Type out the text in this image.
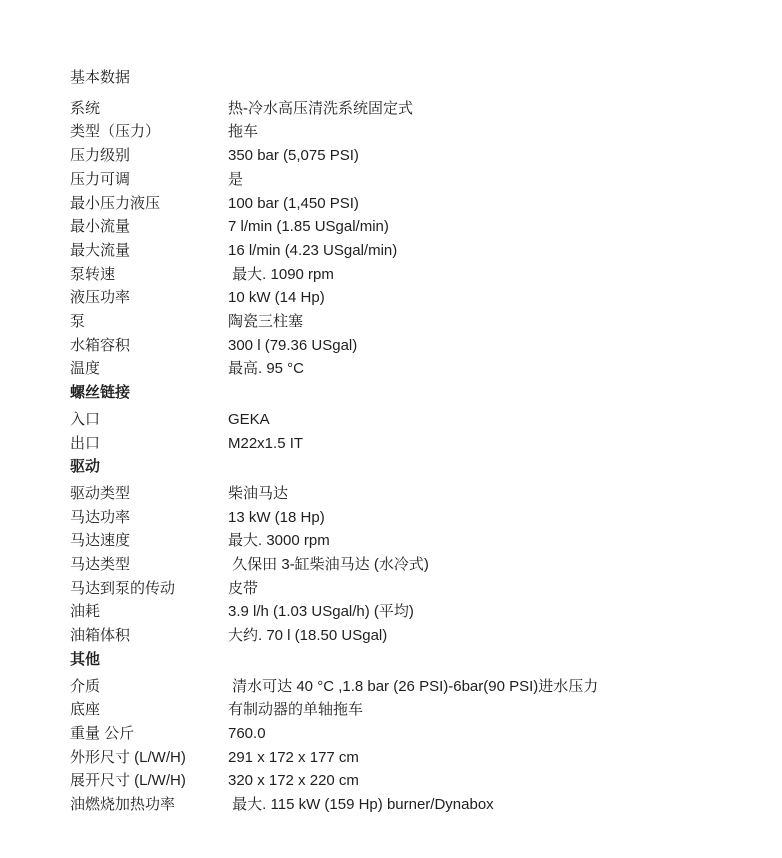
基本数据
系统	热-冷水高压清洗系统固定式
类型（压力）	拖车
压力级别	350 bar (5,075 PSI)
压力可调	是
最小压力液压	100 bar (1,450 PSI)
最小流量	7 l/min (1.85 USgal/min)
最大流量	16 l/min (4.23 USgal/min)
泵转速	最大. 1090 rpm
液压功率	10 kW (14 Hp)
泵	陶瓷三柱塞
水箱容积	300 l (79.36 USgal)
温度	最高. 95 °C
螺丝链接
入口	GEKA
出口	M22x1.5 IT
驱动
驱动类型	柴油马达
马达功率	13 kW (18 Hp)
马达速度	最大. 3000 rpm
马达类型	久保田 3-缸柴油马达 (水冷式)
马达到泵的传动	皮带
油耗	3.9 l/h (1.03 USgal/h) (平均)
油箱体积	大约. 70 l (18.50 USgal)
其他
介质	清水可达 40 °C ,1.8 bar (26 PSI)-6bar(90 PSI)进水压力
底座	有制动器的单轴拖车
重量 公斤	760.0
外形尺寸 (L/W/H)	291 x 172 x 177 cm
展开尺寸 (L/W/H)	320 x 172 x 220 cm
油燃烧加热功率	最大. 115 kW (159 Hp) burner/Dynabox
